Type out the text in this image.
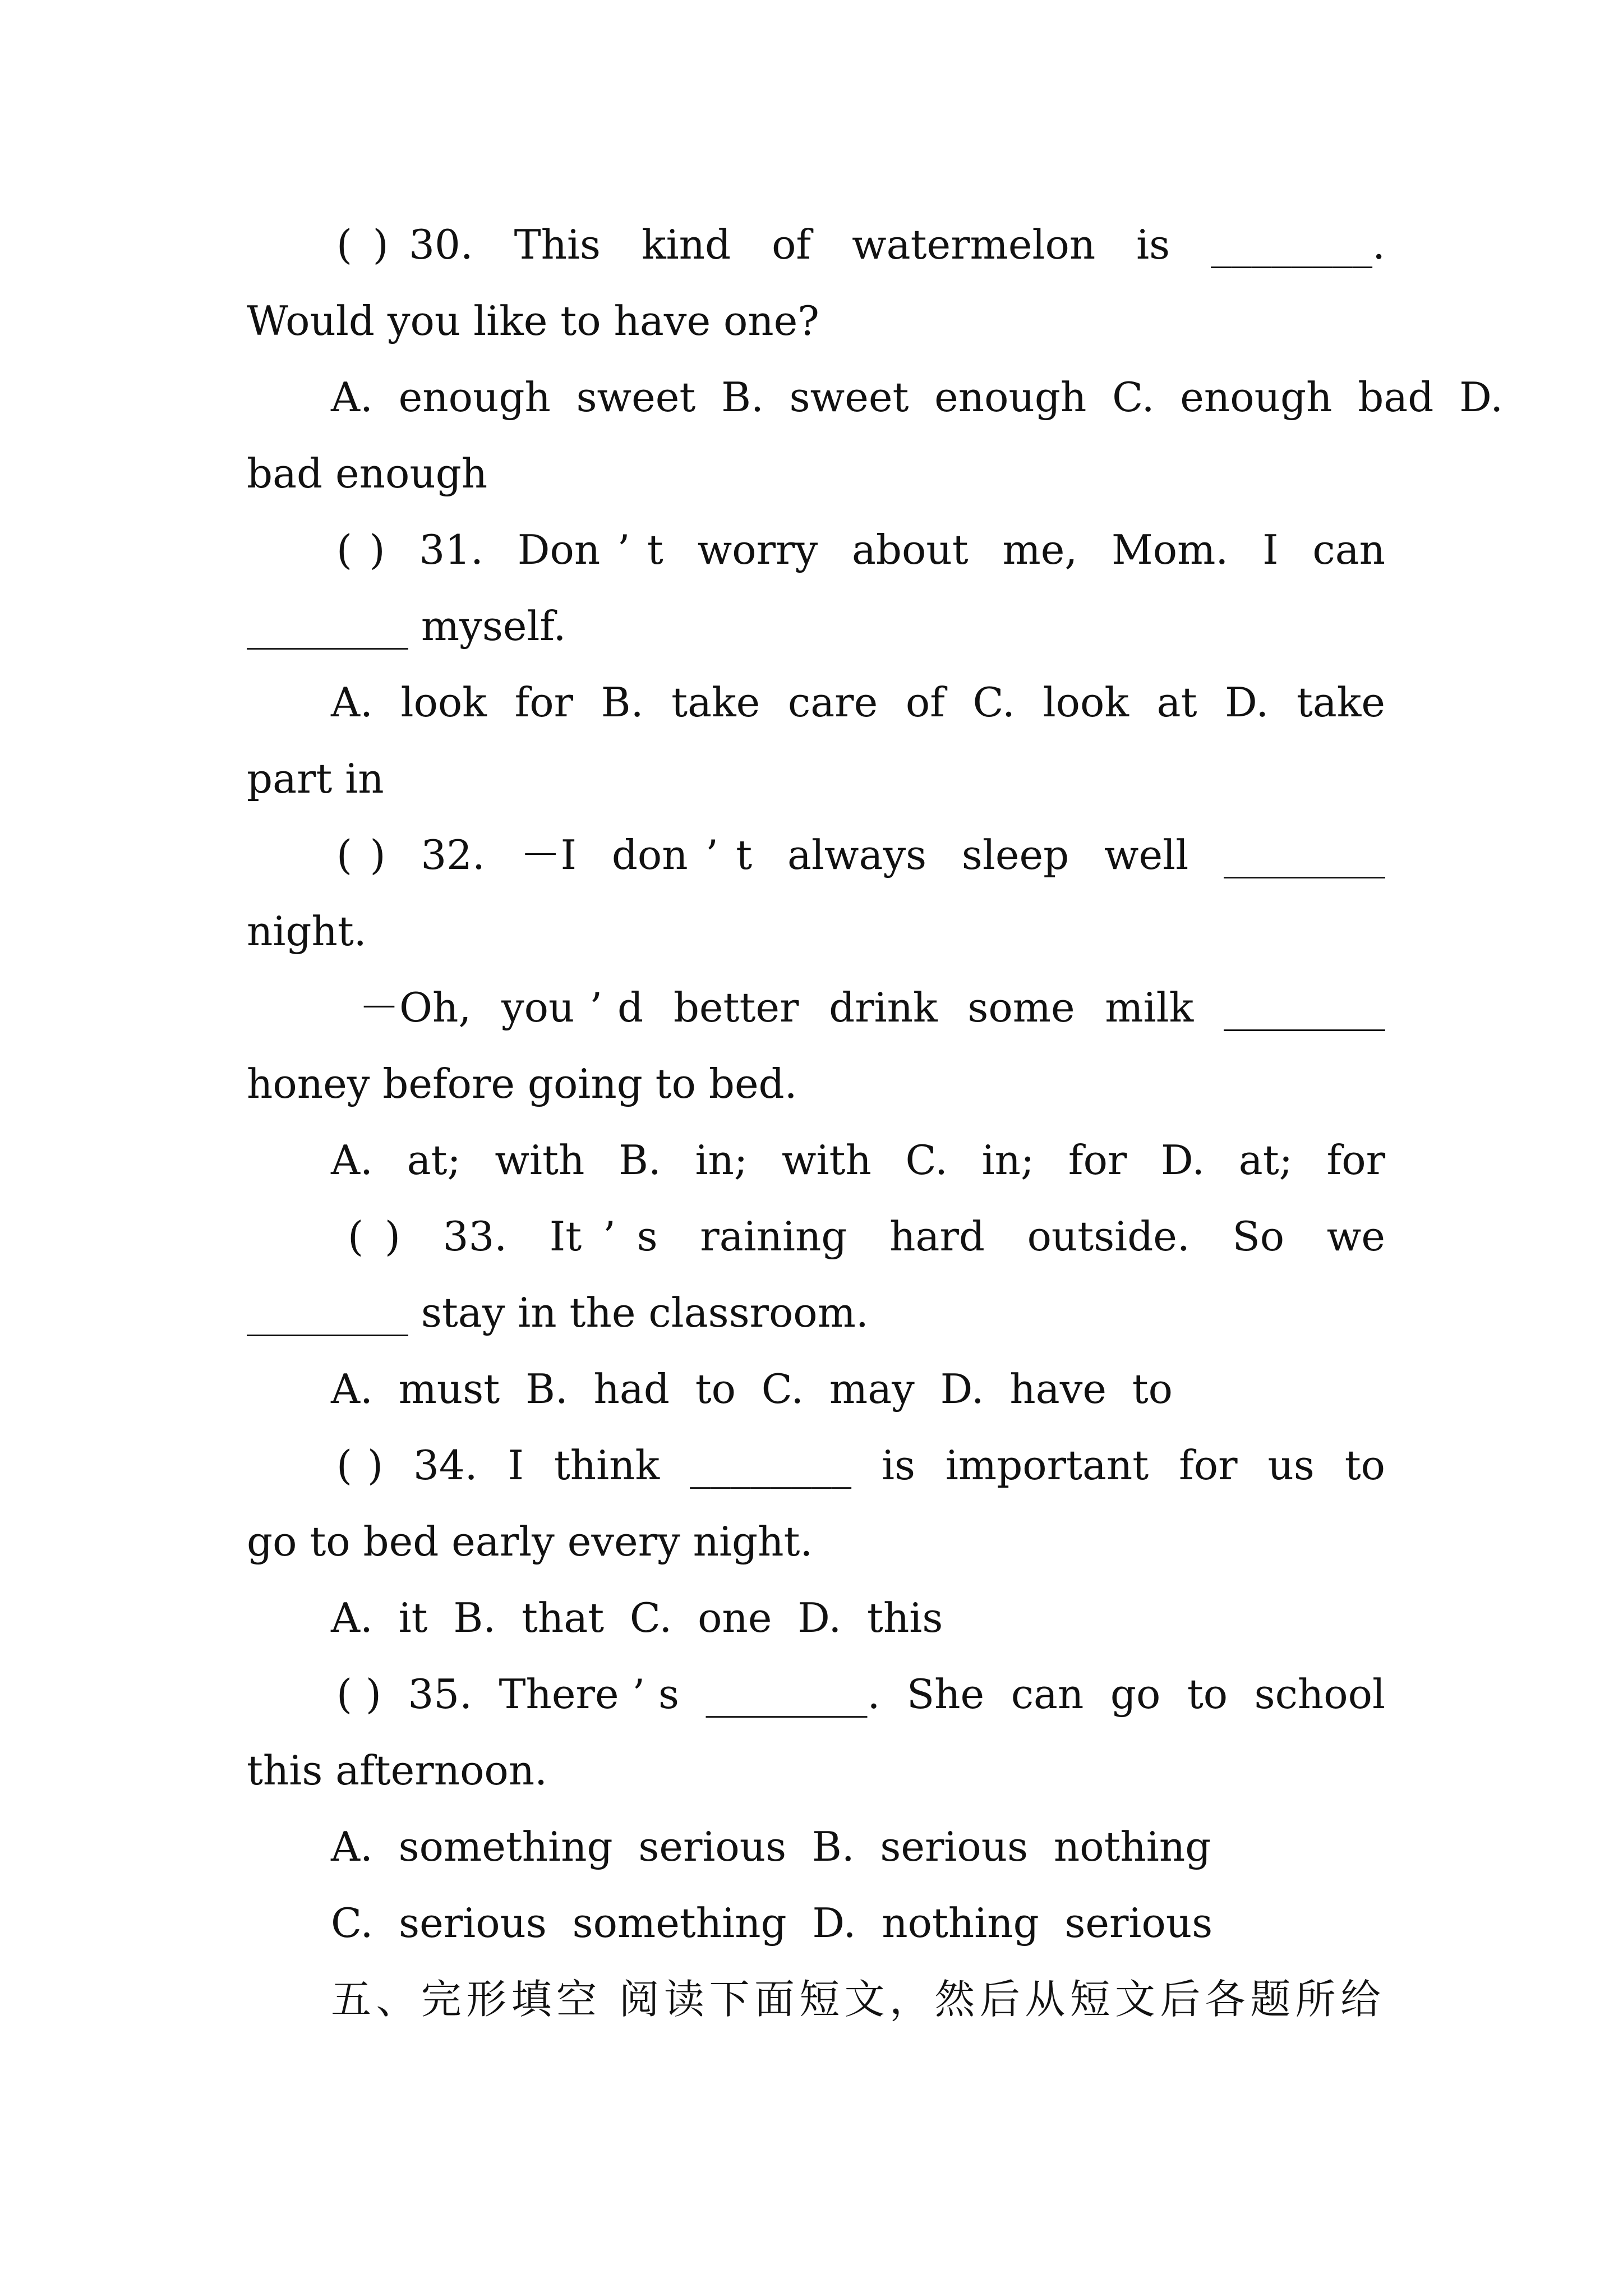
( ) 30.  This  kind  of  watermelon  is  ________.
Would you like to have one?
A.  enough  sweet  B.  sweet  enough  C.  enough  bad  D.
bad enough
( )  31.  Don ’ t  worry  about  me,  Mom.  I  can
________ myself.
A.  look  for  B.  take  care  of  C.  look  at  D.  take
part in
( )  32.  －I  don ’ t  always  sleep  well  ________
night.
－Oh,  you ’ d  better  drink  some  milk  ________
honey before going to bed.
A.  at;  with  B.  in;  with  C.  in;  for  D.  at;  for
( )  33.  It ’ s  raining  hard  outside.  So  we
________ stay in the classroom.
A.  must  B.  had  to  C.  may  D.  have  to
( )  34.  I  think  ________  is  important  for  us  to
go to bed early every night.
A.  it  B.  that  C.  one  D.  this
( )  35.  There ’ s  ________.  She  can  go  to  school
this afternoon.
A.  something  serious  B.  serious  nothing
C.  serious  something  D.  nothing  serious
五、完形填空 阅读下面短文，然后从短文后各题所给
